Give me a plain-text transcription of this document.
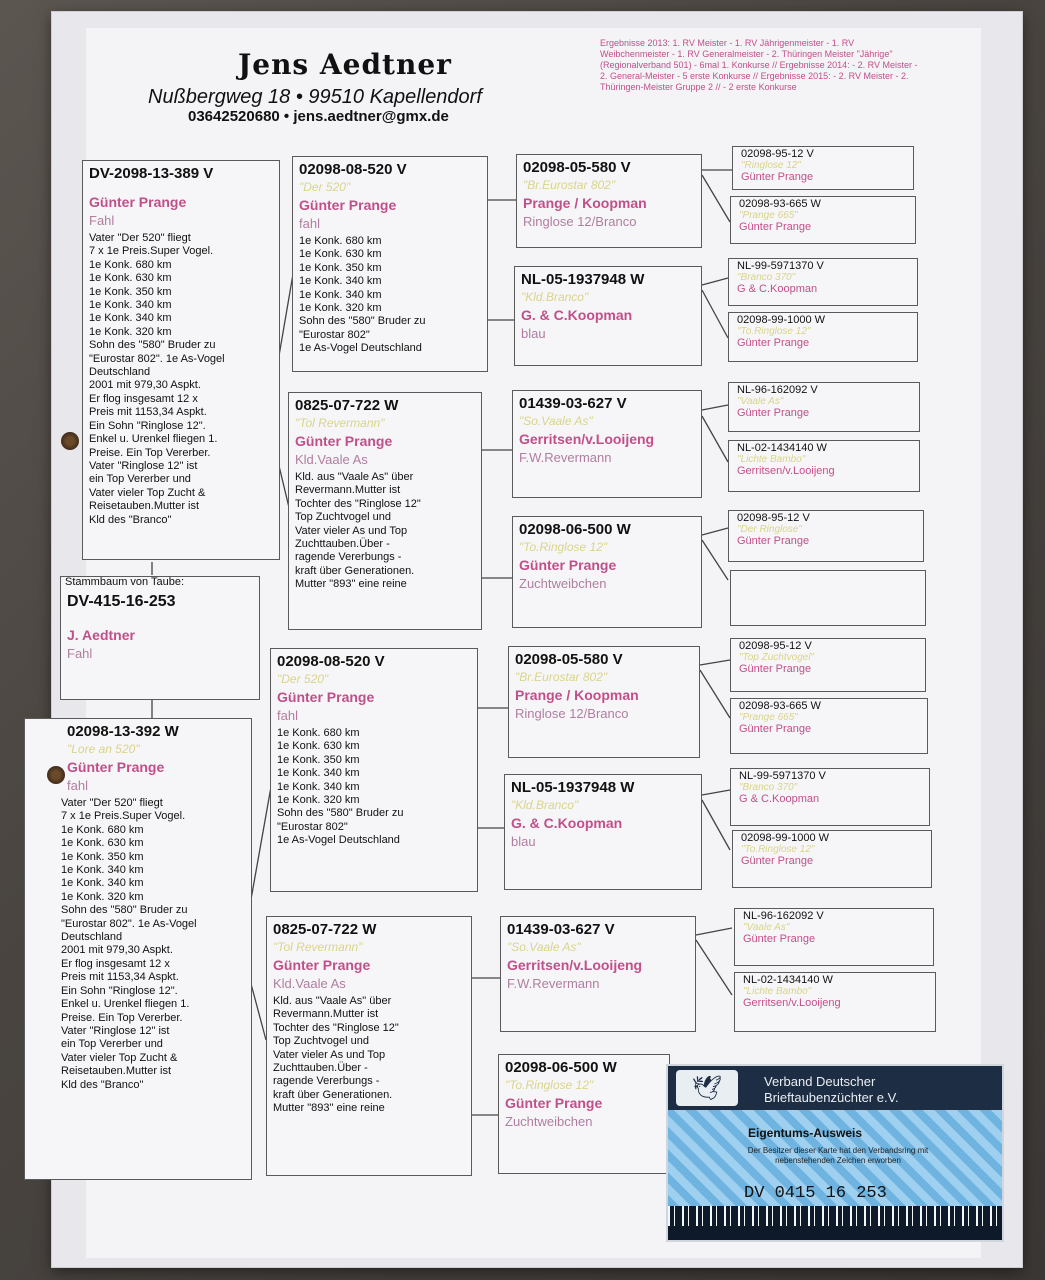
Jens Aedtner
Nußbergweg 18 • 99510 Kapellendorf
03642520680 • jens.aedtner@gmx.de
Ergebnisse 2013: 1. RV Meister - 1. RV Jährigenmeister - 1. RV Weibchenmeister - 1. RV Generalmeister - 2. Thüringen Meister "Jährige" (Regionalverband 501) - 6mal 1. Konkurse // Ergebnisse 2014: - 2. RV Meister - 2. General-Meister - 5 erste Konkurse // Ergebnisse 2015: - 2. RV Meister - 2. Thüringen-Meister Gruppe 2 // - 2 erste Konkurse
DV-2098-13-389 V
Günter Prange
Fahl
Vater "Der 520" fliegt
7 x 1e Preis.Super Vogel.
1e Konk. 680 km
1e Konk. 630 km
1e Konk. 350 km
1e Konk. 340 km
1e Konk. 340 km
1e Konk. 320 km
Sohn des "580" Bruder zu
"Eurostar 802". 1e As-Vogel
Deutschland
2001 mit 979,30 Aspkt.
Er flog insgesamt 12 x
Preis mit 1153,34 Aspkt.
Ein Sohn "Ringlose 12".
Enkel u. Urenkel fliegen 1.
Preise. Ein Top Vererber.
Vater "Ringlose 12" ist
ein Top Vererber und
Vater vieler Top Zucht &
Reisetauben.Mutter ist
Kld des "Branco"
Stammbaum von Taube:
DV-415-16-253
J. Aedtner
Fahl
02098-13-392 W
"Lore an 520"
Günter Prange
fahl
Vater "Der 520" fliegt
7 x 1e Preis.Super Vogel.
1e Konk. 680 km
1e Konk. 630 km
1e Konk. 350 km
1e Konk. 340 km
1e Konk. 340 km
1e Konk. 320 km
Sohn des "580" Bruder zu
"Eurostar 802". 1e As-Vogel
Deutschland
2001 mit 979,30 Aspkt.
Er flog insgesamt 12 x
Preis mit 1153,34 Aspkt.
Ein Sohn "Ringlose 12".
Enkel u. Urenkel fliegen 1.
Preise. Ein Top Vererber.
Vater "Ringlose 12" ist
ein Top Vererber und
Vater vieler Top Zucht &
Reisetauben.Mutter ist
Kld des "Branco"
02098-08-520 V
"Der 520"
Günter Prange
fahl
1e Konk. 680 km
1e Konk. 630 km
1e Konk. 350 km
1e Konk. 340 km
1e Konk. 340 km
1e Konk. 320 km
Sohn des "580" Bruder zu
"Eurostar 802"
1e As-Vogel Deutschland
0825-07-722 W
"Tol Revermann"
Günter Prange
Kld.Vaale As
Kld. aus "Vaale As" über
Revermann.Mutter ist
Tochter des "Ringlose 12"
Top Zuchtvogel und
Vater vieler As und Top
Zuchttauben.Über -
ragende Vererbungs -
kraft über Generationen.
Mutter "893" eine reine
02098-08-520 V
"Der 520"
Günter Prange
fahl
1e Konk. 680 km
1e Konk. 630 km
1e Konk. 350 km
1e Konk. 340 km
1e Konk. 340 km
1e Konk. 320 km
Sohn des "580" Bruder zu
"Eurostar 802"
1e As-Vogel Deutschland
0825-07-722 W
"Tol Revermann"
Günter Prange
Kld.Vaale As
Kld. aus "Vaale As" über
Revermann.Mutter ist
Tochter des "Ringlose 12"
Top Zuchtvogel und
Vater vieler As und Top
Zuchttauben.Über -
ragende Vererbungs -
kraft über Generationen.
Mutter "893" eine reine
02098-05-580 V
"Br.Eurostar 802"
Prange / Koopman
Ringlose 12/Branco
NL-05-1937948 W
"Kld.Branco"
G. & C.Koopman
blau
01439-03-627 V
"So.Vaale As"
Gerritsen/v.Looijeng
F.W.Revermann
02098-06-500 W
"To.Ringlose 12"
Günter Prange
Zuchtweibchen
02098-05-580 V
"Br.Eurostar 802"
Prange / Koopman
Ringlose 12/Branco
NL-05-1937948 W
"Kld.Branco"
G. & C.Koopman
blau
01439-03-627 V
"So.Vaale As"
Gerritsen/v.Looijeng
F.W.Revermann
02098-06-500 W
"To.Ringlose 12"
Günter Prange
Zuchtweibchen
02098-95-12 V
"Ringlose 12"
Günter Prange
02098-93-665 W
"Prange 665"
Günter Prange
NL-99-5971370 V
"Branco 370"
G & C.Koopman
02098-99-1000 W
"To.Ringlose 12"
Günter Prange
NL-96-162092 V
"Vaale As"
Günter Prange
NL-02-1434140 W
"Lichte Bambo"
Gerritsen/v.Looijeng
02098-95-12 V
"Der Ringlose"
Günter Prange
02098-95-12 V
"Top Zuchtvogel"
Günter Prange
02098-93-665 W
"Prange 665"
Günter Prange
NL-99-5971370 V
"Branco 370"
G & C.Koopman
02098-99-1000 W
"To.Ringlose 12"
Günter Prange
NL-96-162092 V
"Vaale As"
Günter Prange
NL-02-1434140 W
"Lichte Bambo"
Gerritsen/v.Looijeng
🕊	Verband Deutscher
Brieftaubenzüchter e.V.
Eigentums-Ausweis
Der Besitzer dieser Karte hat den Verbandsring mit nebenstehenden Zeichen erworben
DV 0415 16 253
